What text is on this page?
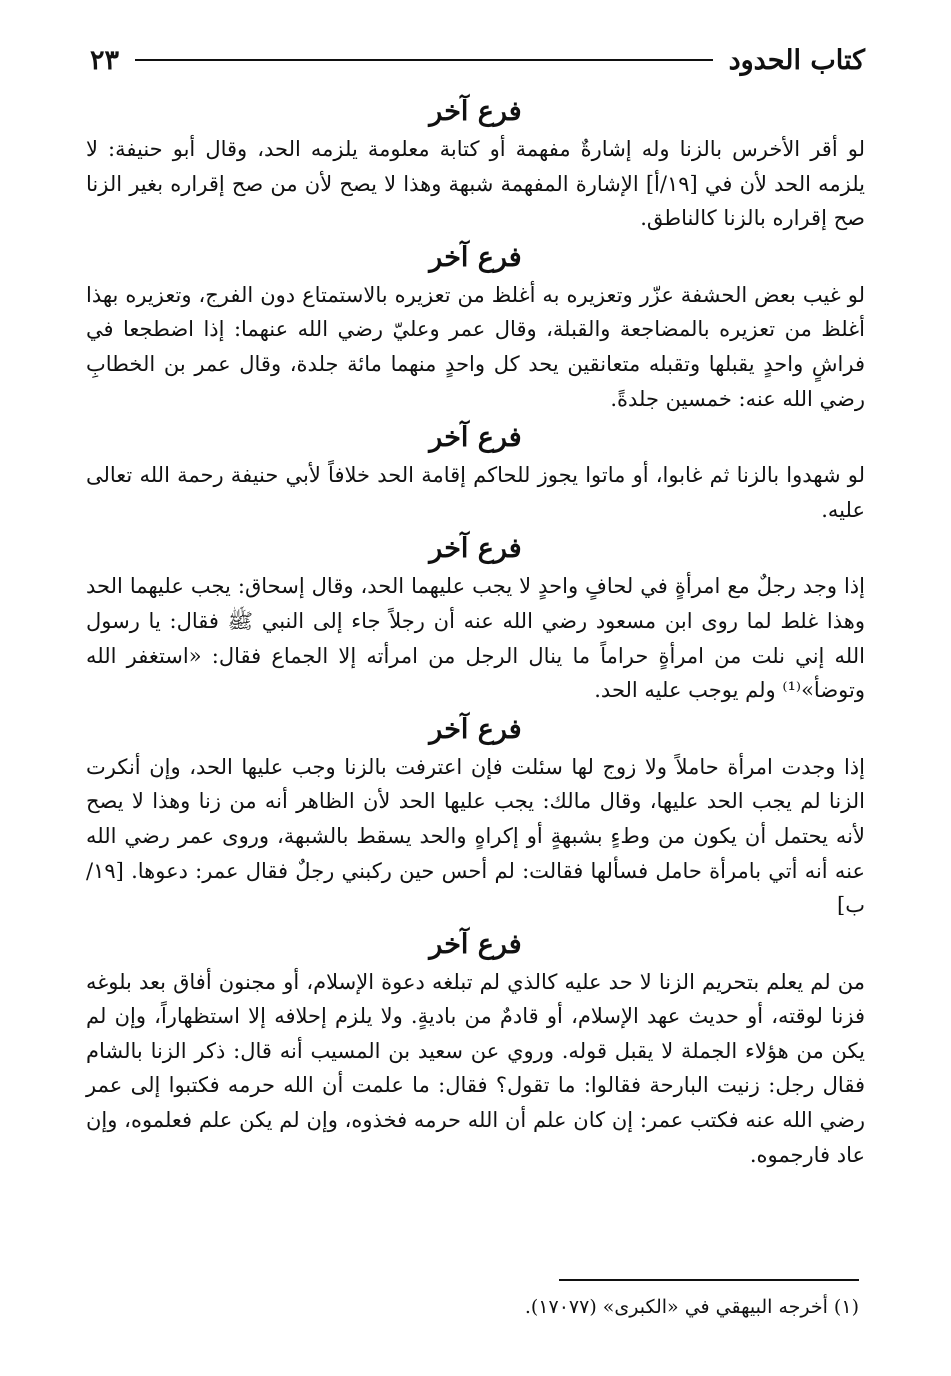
كتاب الحدود
٢٣
فرع آخر

لو أقر الأخرس بالزنا وله إشارةٌ مفهمة أو كتابة معلومة يلزمه الحد، وقال أبو حنيفة: لا يلزمه الحد لأن في [١٩/أ] الإشارة المفهمة شبهة وهذا لا يصح لأن من صح إقراره بغير الزنا صح إقراره بالزنا كالناطق.

فرع آخر

لو غيب بعض الحشفة عزّر وتعزيره به أغلظ من تعزيره بالاستمتاع دون الفرج، وتعزيره بهذا أغلظ من تعزيره بالمضاجعة والقبلة، وقال عمر وعليّ رضي الله عنهما: إذا اضطجعا في فراشٍ واحدٍ يقبلها وتقبله متعانقين يحد كل واحدٍ منهما مائة جلدة، وقال عمر بن الخطابِ رضي الله عنه: خمسين جلدةً.

فرع آخر

لو شهدوا بالزنا ثم غابوا، أو ماتوا يجوز للحاكم إقامة الحد خلافاً لأبي حنيفة رحمة الله تعالى عليه.

فرع آخر

إذا وجد رجلٌ مع امرأةٍ في لحافٍ واحدٍ لا يجب عليهما الحد، وقال إسحاق: يجب عليهما الحد وهذا غلط لما روى ابن مسعود رضي الله عنه أن رجلاً جاء إلى النبي ﷺ فقال: يا رسول الله إني نلت من امرأةٍ حراماً ما ينال الرجل من امرأته إلا الجماع فقال: «استغفر الله وتوضأ»⁽¹⁾ ولم يوجب عليه الحد.

فرع آخر

إذا وجدت امرأة حاملاً ولا زوج لها سئلت فإن اعترفت بالزنا وجب عليها الحد، وإن أنكرت الزنا لم يجب الحد عليها، وقال مالك: يجب عليها الحد لأن الظاهر أنه من زنا وهذا لا يصح لأنه يحتمل أن يكون من وطءٍ بشبهةٍ أو إكراهٍ والحد يسقط بالشبهة، وروى عمر رضي الله عنه أنه أتي بامرأة حامل فسألها فقالت: لم أحس حين ركبني رجلٌ فقال عمر: دعوها. [١٩/ب]

فرع آخر

من لم يعلم بتحريم الزنا لا حد عليه كالذي لم تبلغه دعوة الإسلام، أو مجنون أفاق بعد بلوغه فزنا لوقته، أو حديث عهد الإسلام، أو قادمٌ من باديةٍ. ولا يلزم إحلافه إلا استظهاراً، وإن لم يكن من هؤلاء الجملة لا يقبل قوله. وروي عن سعيد بن المسيب أنه قال: ذكر الزنا بالشام فقال رجل: زنيت البارحة فقالوا: ما تقول؟ فقال: ما علمت أن الله حرمه فكتبوا إلى عمر رضي الله عنه فكتب عمر: إن كان علم أن الله حرمه فخذوه، وإن لم يكن علم فعلموه، وإن عاد فارجموه.

(١) أخرجه البيهقي في «الكبرى» (١٧٠٧٧).
